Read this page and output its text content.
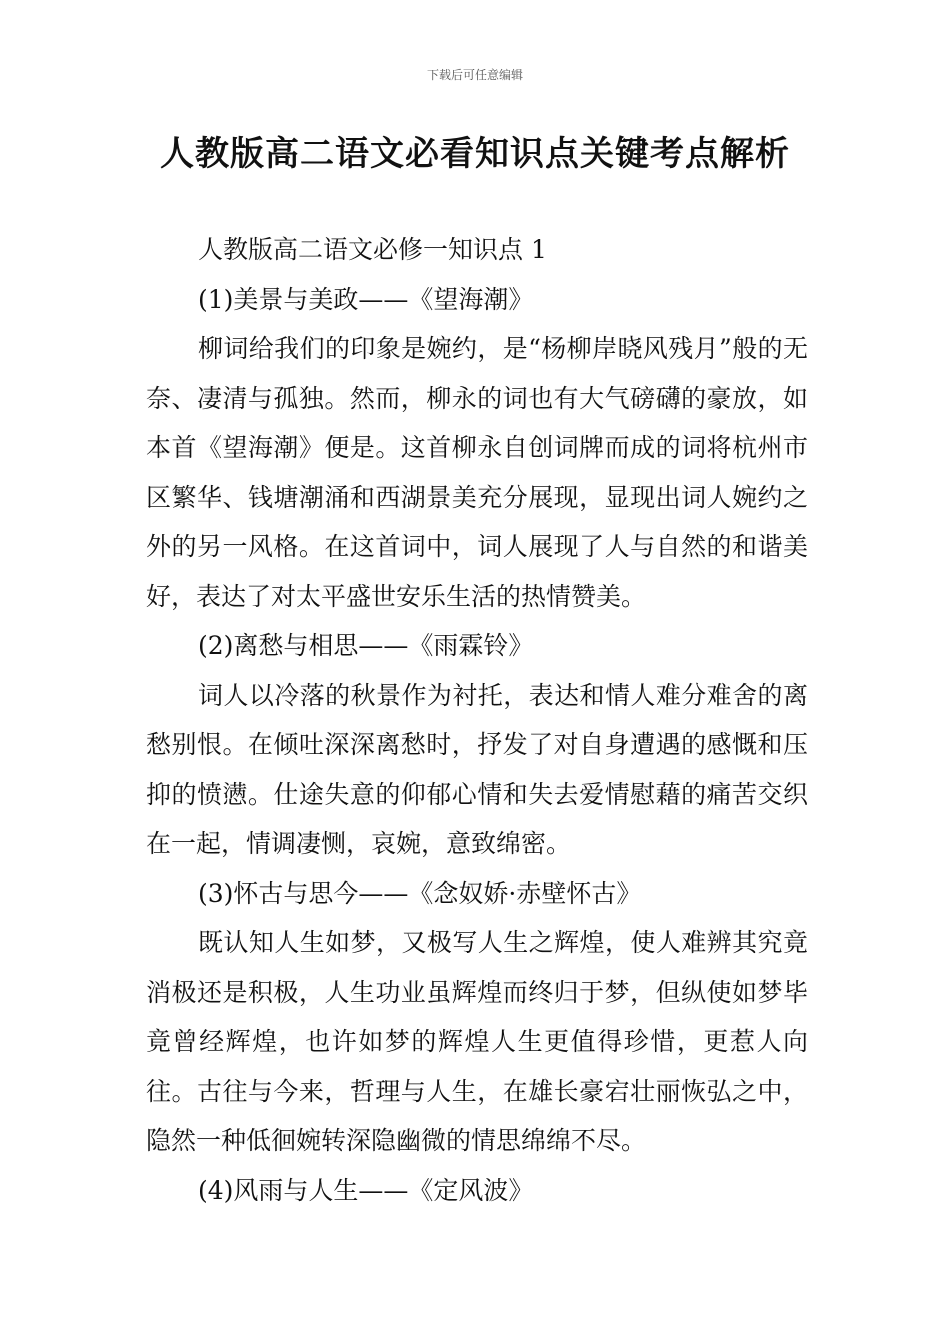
下载后可任意编辑
人教版高二语文必看知识点关键考点解析

人教版高二语文必修一知识点 1

(1)美景与美政——《望海潮》

柳词给我们的印象是婉约，是“杨柳岸晓风残月”般的无奈、凄清与孤独。然而，柳永的词也有大气磅礴的豪放，如本首《望海潮》便是。这首柳永自创词牌而成的词将杭州市区繁华、钱塘潮涌和西湖景美充分展现，显现出词人婉约之外的另一风格。在这首词中，词人展现了人与自然的和谐美好，表达了对太平盛世安乐生活的热情赞美。

(2)离愁与相思——《雨霖铃》

词人以冷落的秋景作为衬托，表达和情人难分难舍的离愁别恨。在倾吐深深离愁时，抒发了对自身遭遇的感慨和压抑的愤懑。仕途失意的仰郁心情和失去爱情慰藉的痛苦交织在一起，情调凄恻，哀婉，意致绵密。

(3)怀古与思今——《念奴娇·赤壁怀古》

既认知人生如梦，又极写人生之辉煌，使人难辨其究竟消极还是积极，人生功业虽辉煌而终归于梦，但纵使如梦毕竟曾经辉煌，也许如梦的辉煌人生更值得珍惜，更惹人向往。古往与今来，哲理与人生，在雄长豪宕壮丽恢弘之中，隐然一种低徊婉转深隐幽微的情思绵绵不尽。

(4)风雨与人生——《定风波》
